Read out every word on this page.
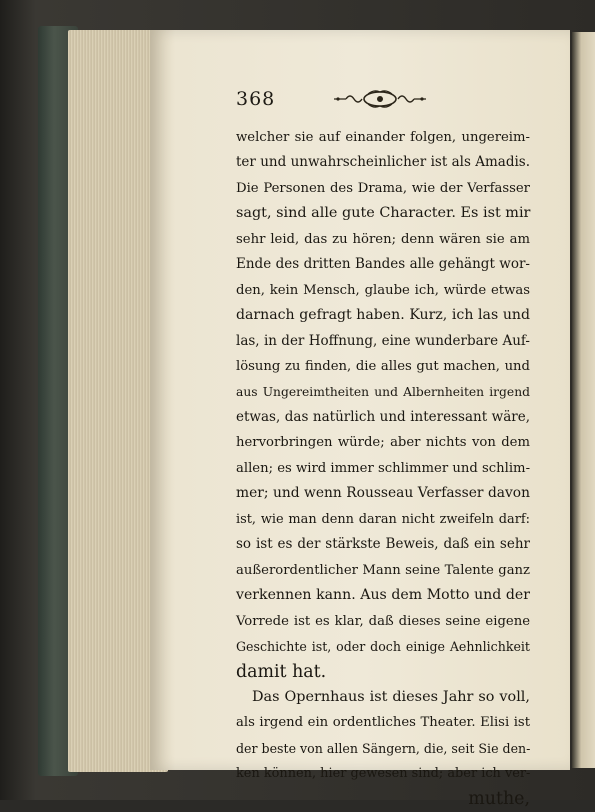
368
welcher sie auf einander folgen, ungereim-
ter und unwahrscheinlicher ist als Amadis.
Die Personen des Drama, wie der Verfasser
sagt, sind alle gute Character. Es ist mir
sehr leid, das zu hören; denn wären sie am
Ende des dritten Bandes alle gehängt wor-
den, kein Mensch, glaube ich, würde etwas
darnach gefragt haben. Kurz, ich las und
las, in der Hoffnung, eine wunderbare Auf-
lösung zu finden, die alles gut machen, und
aus Ungereimtheiten und Albernheiten irgend
etwas, das natürlich und interessant wäre,
hervorbringen würde; aber nichts von dem
allen; es wird immer schlimmer und schlim-
mer; und wenn Rousseau Verfasser davon
ist, wie man denn daran nicht zweifeln darf:
so ist es der stärkste Beweis, daß ein sehr
außerordentlicher Mann seine Talente ganz
verkennen kann. Aus dem Motto und der
Vorrede ist es klar, daß dieses seine eigene
Geschichte ist, oder doch einige Aehnlichkeit
damit hat.
Das Opernhaus ist dieses Jahr so voll,
als irgend ein ordentliches Theater. Elisi ist
der beste von allen Sängern, die, seit Sie den-
ken können, hier gewesen sind; aber ich ver-
muthe,
